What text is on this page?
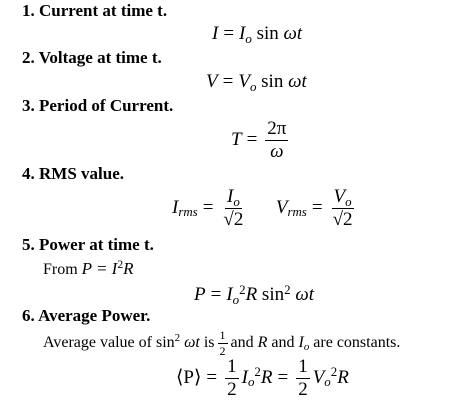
1. Current at time t.
$I = I_o$ sin ωt
2. Voltage at time t.
$V = V_o$ sin ωt
3. Period of Current.
$T = \frac{2\pi}{\omega}$
4. RMS value.
$I_{rms} = \frac{I_o}{√2} V_{rms} = \frac{V_o}{√2}$
5. Power at time t.
From $P = I^2R$
$P = I_o^2R$ $\sin^2 \omega t$
6. Average Power.
Average value of $\sin^2 \omega t$ is $\frac{1}{2}$ and R and $I_o$ are constants.
⟨P⟩ = $\frac{1}{2} I_o^2R = \frac{1}{2} V_o^2R$
